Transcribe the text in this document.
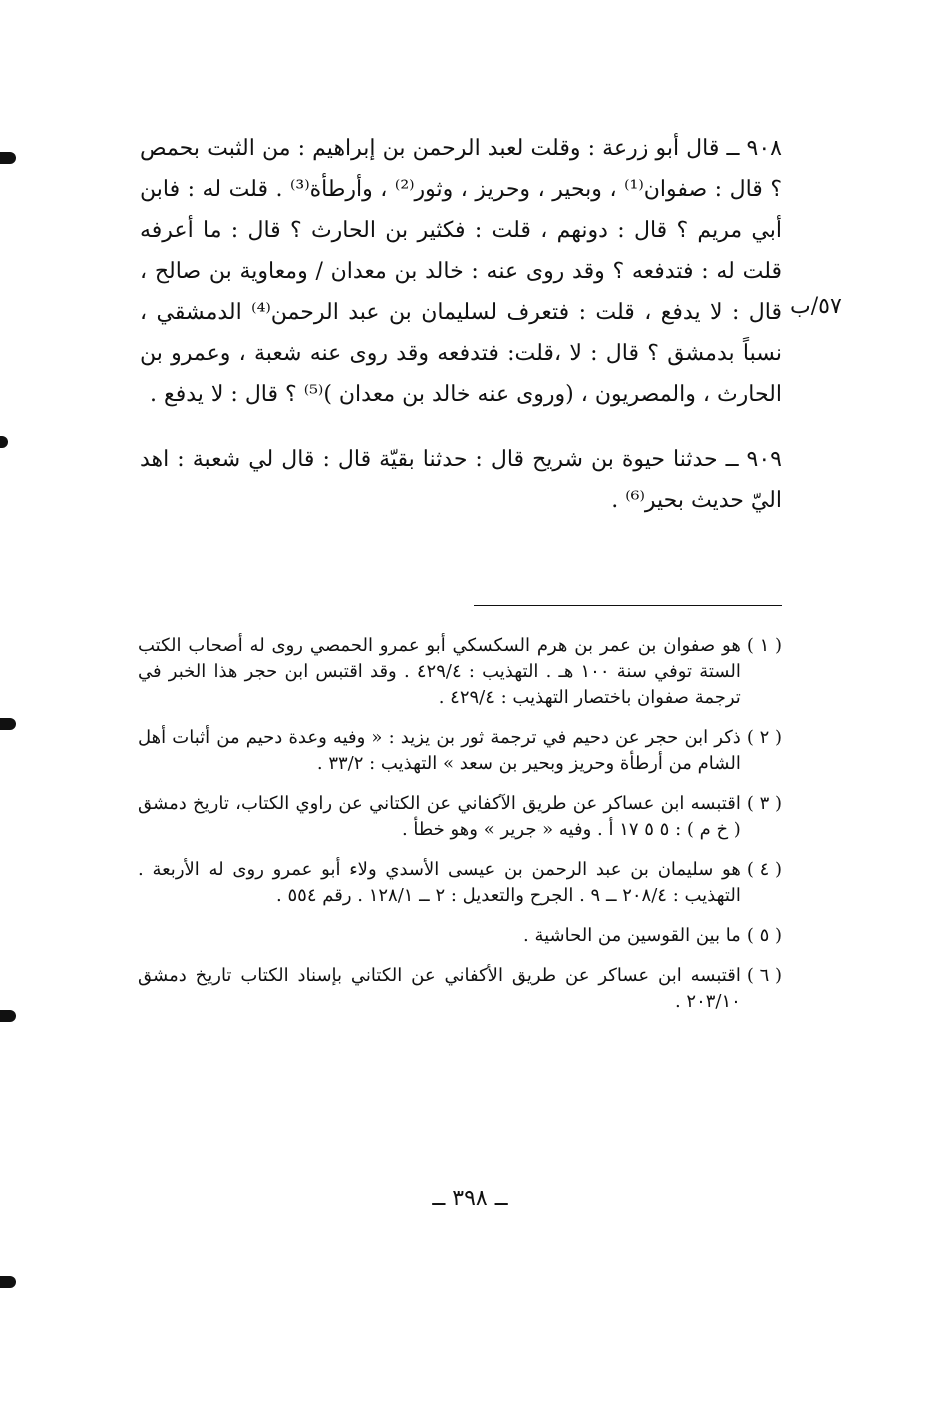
٩٠٨ ــ قال أبو زرعة : وقلت لعبد الرحمن بن إبراهيم : من الثبت بحمص ؟ قال : صفوان⁽¹⁾ ، وبحير ، وحريز ، وثور⁽²⁾ ، وأرطأة⁽³⁾ . قلت له : فابن أبي مريم ؟ قال : دونهم ، قلت : فكثير بن الحارث ؟ قال : ما أعرفه قلت له : فتدفعه ؟ وقد روى عنه : خالد بن معدان / ومعاوية بن صالح ، قال : لا يدفع ، قلت : فتعرف لسليمان بن عبد الرحمن⁽⁴⁾ الدمشقي ، نسباً بدمشق ؟ قال : لا ،قلت: فتدفعه وقد روى عنه شعبة ، وعمرو بن الحارث ، والمصريون ، (وروى عنه خالد بن معدان )⁽⁵⁾ ؟ قال : لا يدفع .

٩٠٩ ــ حدثنا حيوة بن شريح قال : حدثنا بقيّة قال : قال لي شعبة : اهد اليّ حديث بحير⁽⁶⁾ .

٥٧/ب
( ١ )
هو صفوان بن عمر بن هرم السكسكي أبو عمرو الحمصي روى له أصحاب الكتب الستة توفي سنة ١٠٠ هـ . التهذيب : ٤٢٩/٤ . وقد اقتبس ابن حجر هذا الخبر في ترجمة صفوان باختصار التهذيب : ٤٢٩/٤ .
( ٢ )
ذكر ابن حجر عن دحيم في ترجمة ثور بن يزيد : « وفيه وعدة دحيم من أثبات أهل الشام من أرطأة وحريز وبحير بن سعد » التهذيب : ٣٣/٢ .
( ٣ )
اقتبسه ابن عساكر عن طريق الآكفاني عن الكتاني عن راوي الكتاب، تاريخ دمشق ( خ م ) : ٥ ٥ ١٧ أ . وفيه « جرير » وهو خطأ .
( ٤ )
هو سليمان بن عبد الرحمن بن عيسى الأسدي ولاء أبو عمرو روى له الأربعة . التهذيب : ٢٠٨/٤ ــ ٩ . الجرح والتعديل : ٢ ــ ١٢٨/١ . رقم ٥٥٤ .
( ٥ )
ما بين القوسين من الحاشية .
( ٦ )
اقتبسه ابن عساكر عن طريق الأكفاني عن الكتاني بإسناد الكتاب تاريخ دمشق ٢٠٣/١٠ .
ــ ٣٩٨ ــ
